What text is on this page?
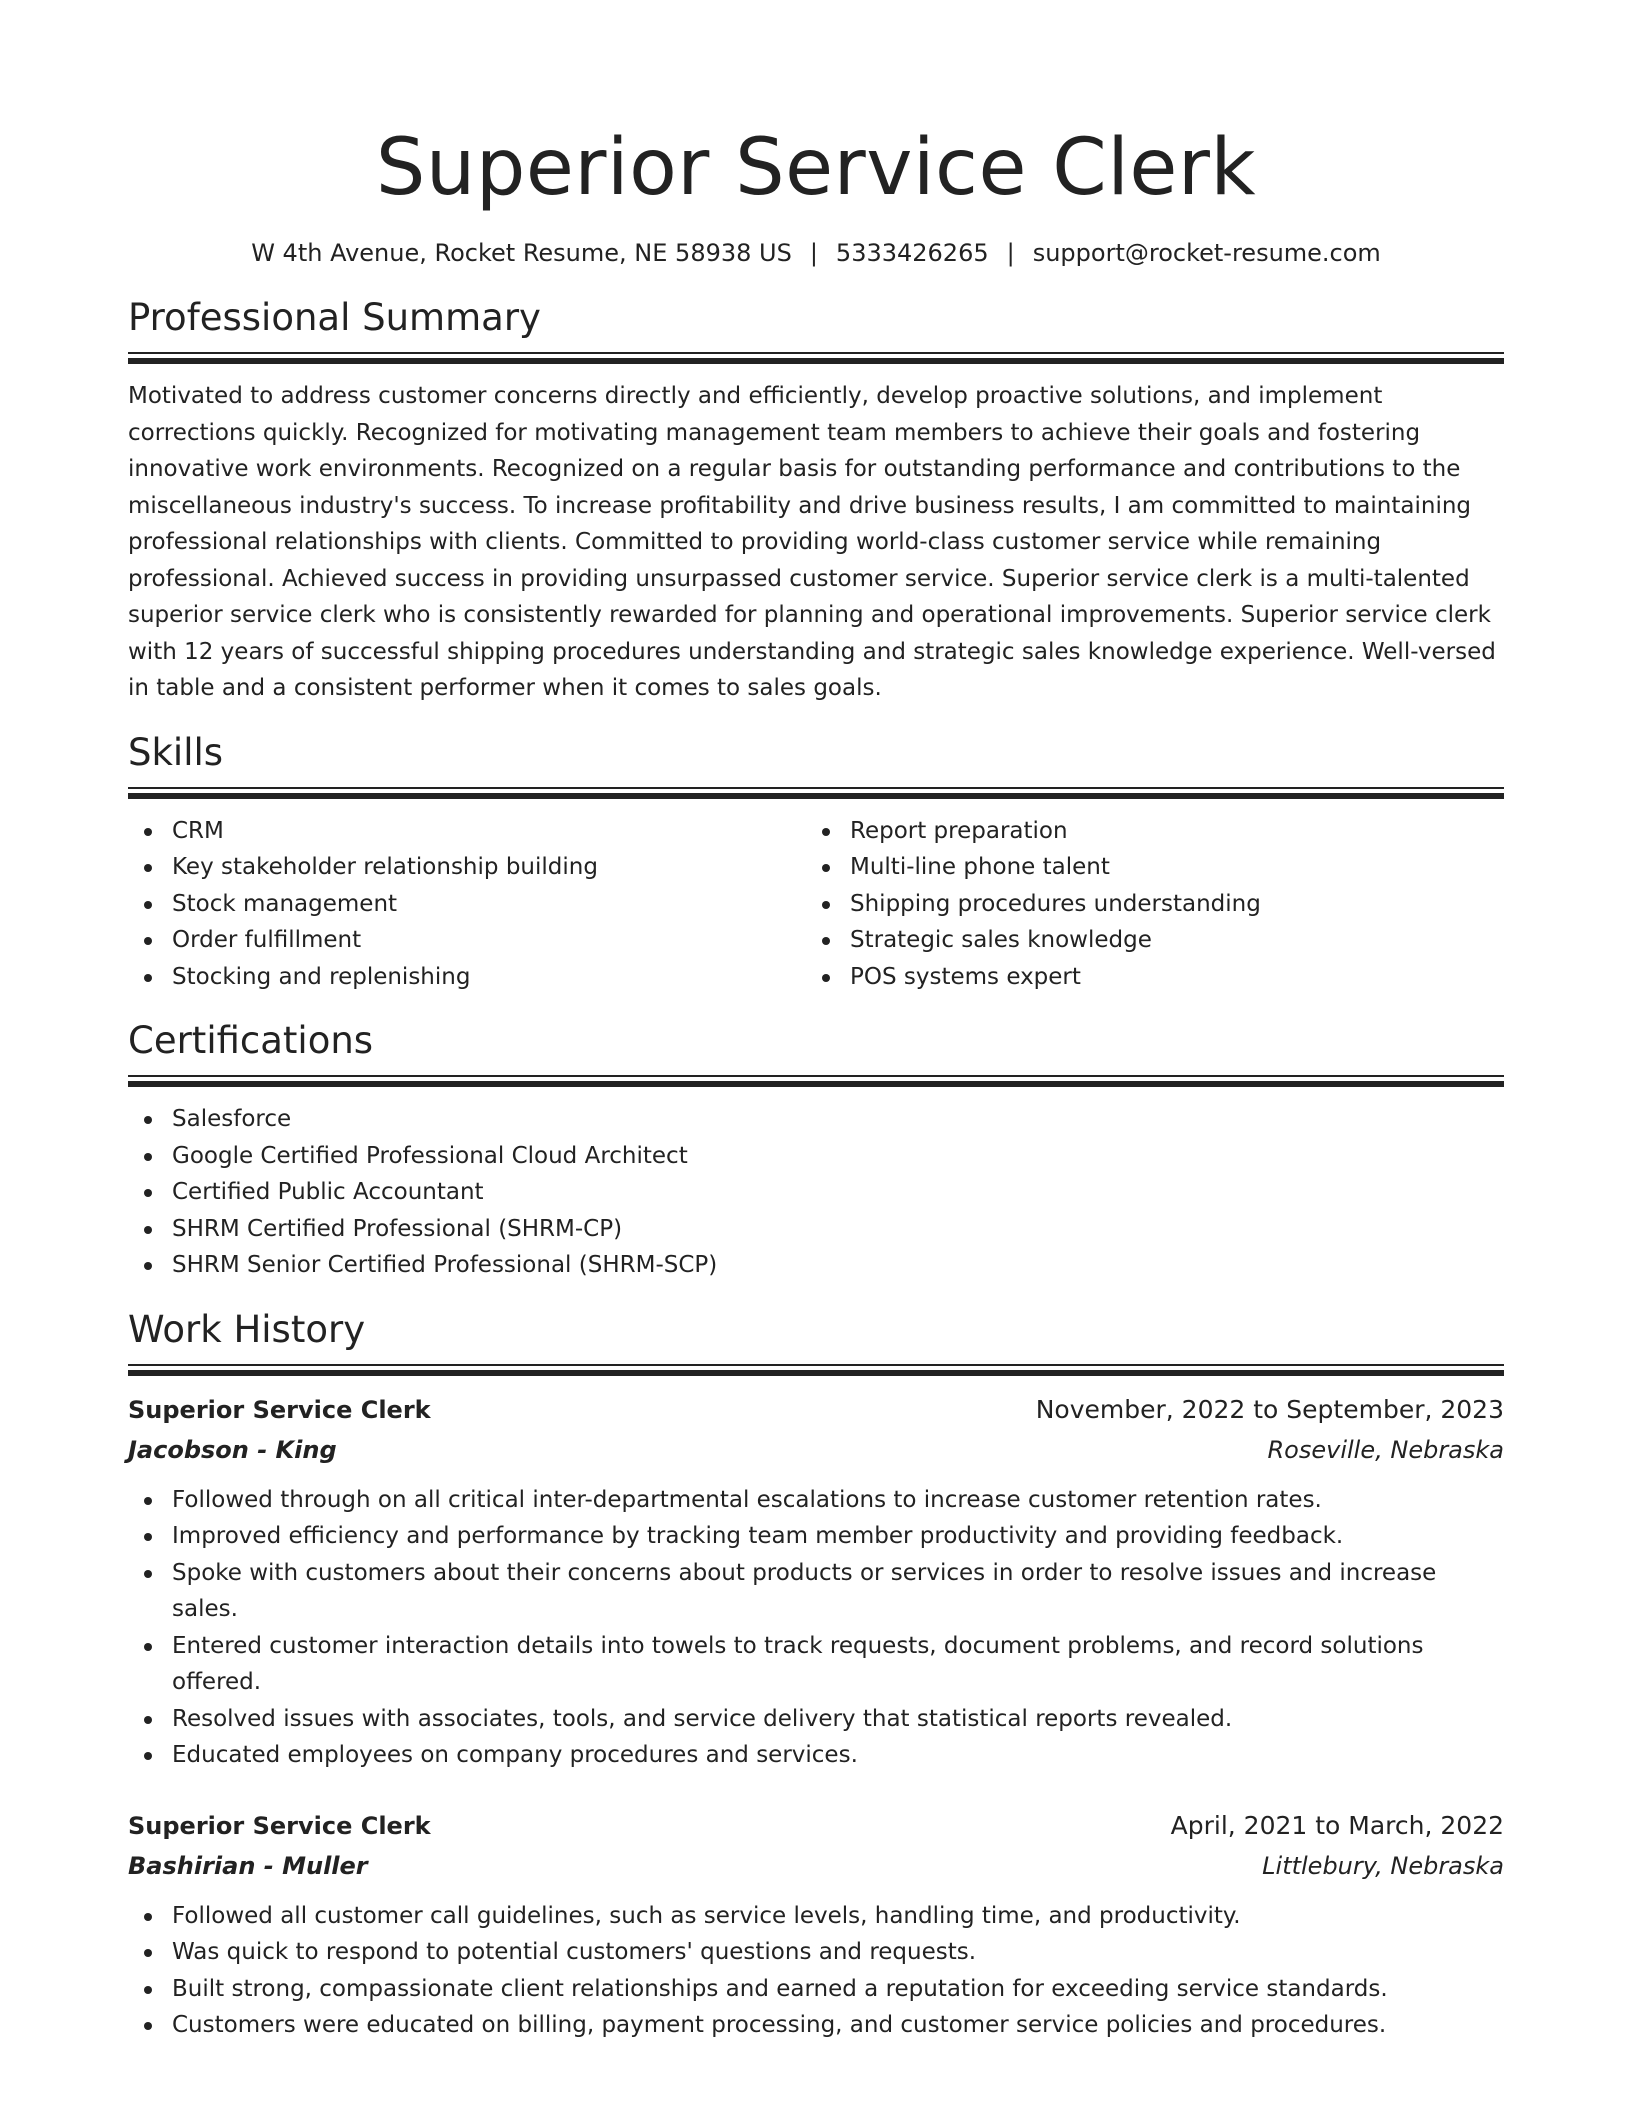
Superior Service Clerk
W 4th Avenue, Rocket Resume, NE 58938 US | 5333426265 | support@rocket-resume.com
Professional Summary

Motivated to address customer concerns directly and efficiently, develop proactive solutions, and implement corrections quickly. Recognized for motivating management team members to achieve their goals and fostering innovative work environments. Recognized on a regular basis for outstanding performance and contributions to the miscellaneous industry's success. To increase profitability and drive business results, I am committed to maintaining professional relationships with clients. Committed to providing world-class customer service while remaining professional. Achieved success in providing unsurpassed customer service. Superior service clerk is a multi-talented superior service clerk who is consistently rewarded for planning and operational improvements. Superior service clerk with 12 years of successful shipping procedures understanding and strategic sales knowledge experience. Well-versed in table and a consistent performer when it comes to sales goals.

Skills
CRM
Key stakeholder relationship building
Stock management
Order fulfillment
Stocking and replenishing
Report preparation
Multi-line phone talent
Shipping procedures understanding
Strategic sales knowledge
POS systems expert
Certifications
Salesforce
Google Certified Professional Cloud Architect
Certified Public Accountant
SHRM Certified Professional (SHRM-CP)
SHRM Senior Certified Professional (SHRM-SCP)
Work History
Superior Service Clerk	November, 2022 to September, 2023
Jacobson - King	Roseville, Nebraska
Followed through on all critical inter-departmental escalations to increase customer retention rates.
Improved efficiency and performance by tracking team member productivity and providing feedback.
Spoke with customers about their concerns about products or services in order to resolve issues and increase sales.
Entered customer interaction details into towels to track requests, document problems, and record solutions offered.
Resolved issues with associates, tools, and service delivery that statistical reports revealed.
Educated employees on company procedures and services.
Superior Service Clerk	April, 2021 to March, 2022
Bashirian - Muller	Littlebury, Nebraska
Followed all customer call guidelines, such as service levels, handling time, and productivity.
Was quick to respond to potential customers' questions and requests.
Built strong, compassionate client relationships and earned a reputation for exceeding service standards.
Customers were educated on billing, payment processing, and customer service policies and procedures.
